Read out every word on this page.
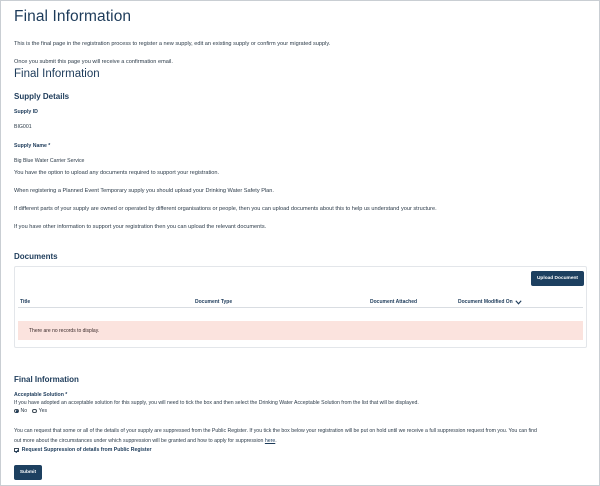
Final Information
This is the final page in the registration process to register a new supply, edit an existing supply or confirm your migrated supply.
Once you submit this page you will receive a confirmation email.
Final Information
Supply Details
Supply ID
BIG001
Supply Name *
Big Blue Water Carrier Service
You have the option to upload any documents required to support your registration.
When registering a Planned Event Temporary supply you should upload your Drinking Water Safety Plan.
If different parts of your supply are owned or operated by different organisations or people, then you can upload documents about this to help us understand your structure.
If you have other information to support your registration then you can upload the relevant documents.
Documents
Upload Document
Title	Document Type	Document Attached	Document Modified On
There are no records to display.
Final Information
Acceptable Solution *
If you have adopted an acceptable solution for this supply, you will need to tick the box and then select the Drinking Water Acceptable Solution from the list that will be displayed.
No Yes
You can request that some or all of the details of your supply are suppressed from the Public Register. If you tick the box below your registration will be put on hold until we receive a full suppression request from you. You can find
out more about the circumstances under which suppression will be granted and how to apply for suppression here.
Request Suppression of details from Public Register
Submit
